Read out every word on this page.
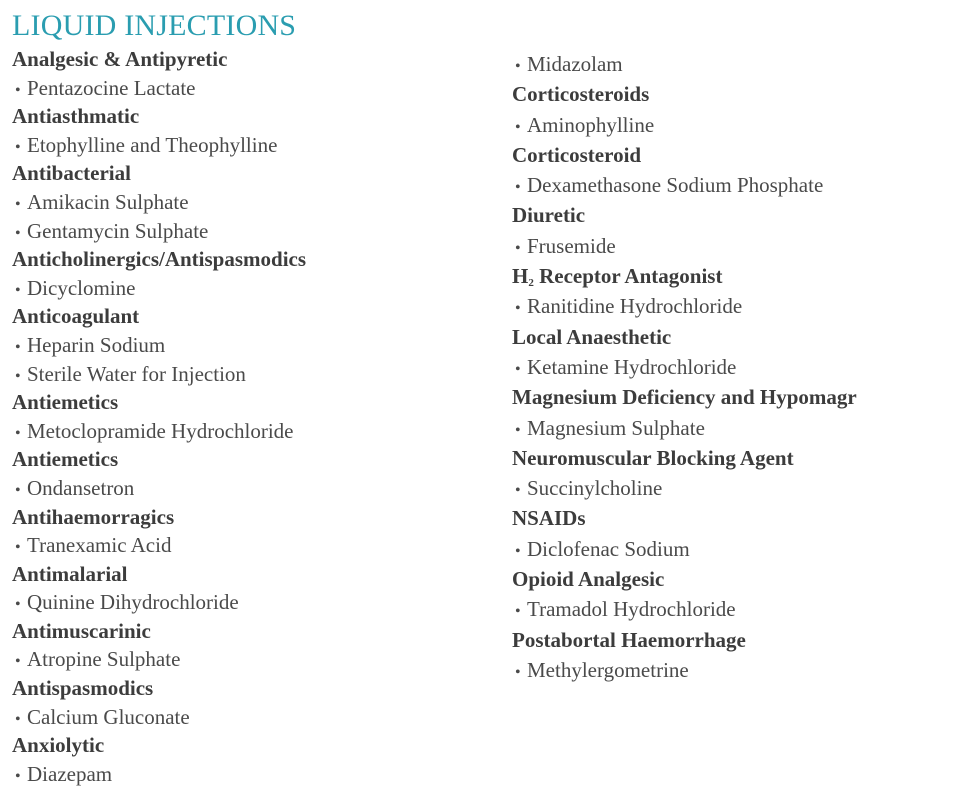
LIQUID INJECTIONS
Analgesic & Antipyretic
• Pentazocine Lactate
Antiasthmatic
• Etophylline and Theophylline
Antibacterial
• Amikacin Sulphate
• Gentamycin Sulphate
Anticholinergics/Antispasmodics
• Dicyclomine
Anticoagulant
• Heparin Sodium
• Sterile Water for Injection
Antiemetics
• Metoclopramide Hydrochloride
Antiemetics
• Ondansetron
Antihaemorragics
• Tranexamic Acid
Antimalarial
• Quinine Dihydrochloride
Antimuscarinic
• Atropine Sulphate
Antispasmodics
• Calcium Gluconate
Anxiolytic
• Diazepam
• Midazolam
Corticosteroids
• Aminophylline
Corticosteroid
• Dexamethasone Sodium Phosphate
Diuretic
• Frusemide
$H_2$ Receptor Antagonist
• Ranitidine Hydrochloride
Local Anaesthetic
• Ketamine Hydrochloride
Magnesium Deficiency and Hypomagr
• Magnesium Sulphate
Neuromuscular Blocking Agent
• Succinylcholine
NSAIDs
• Diclofenac Sodium
Opioid Analgesic
• Tramadol Hydrochloride
Postabortal Haemorrhage
• Methylergometrine
